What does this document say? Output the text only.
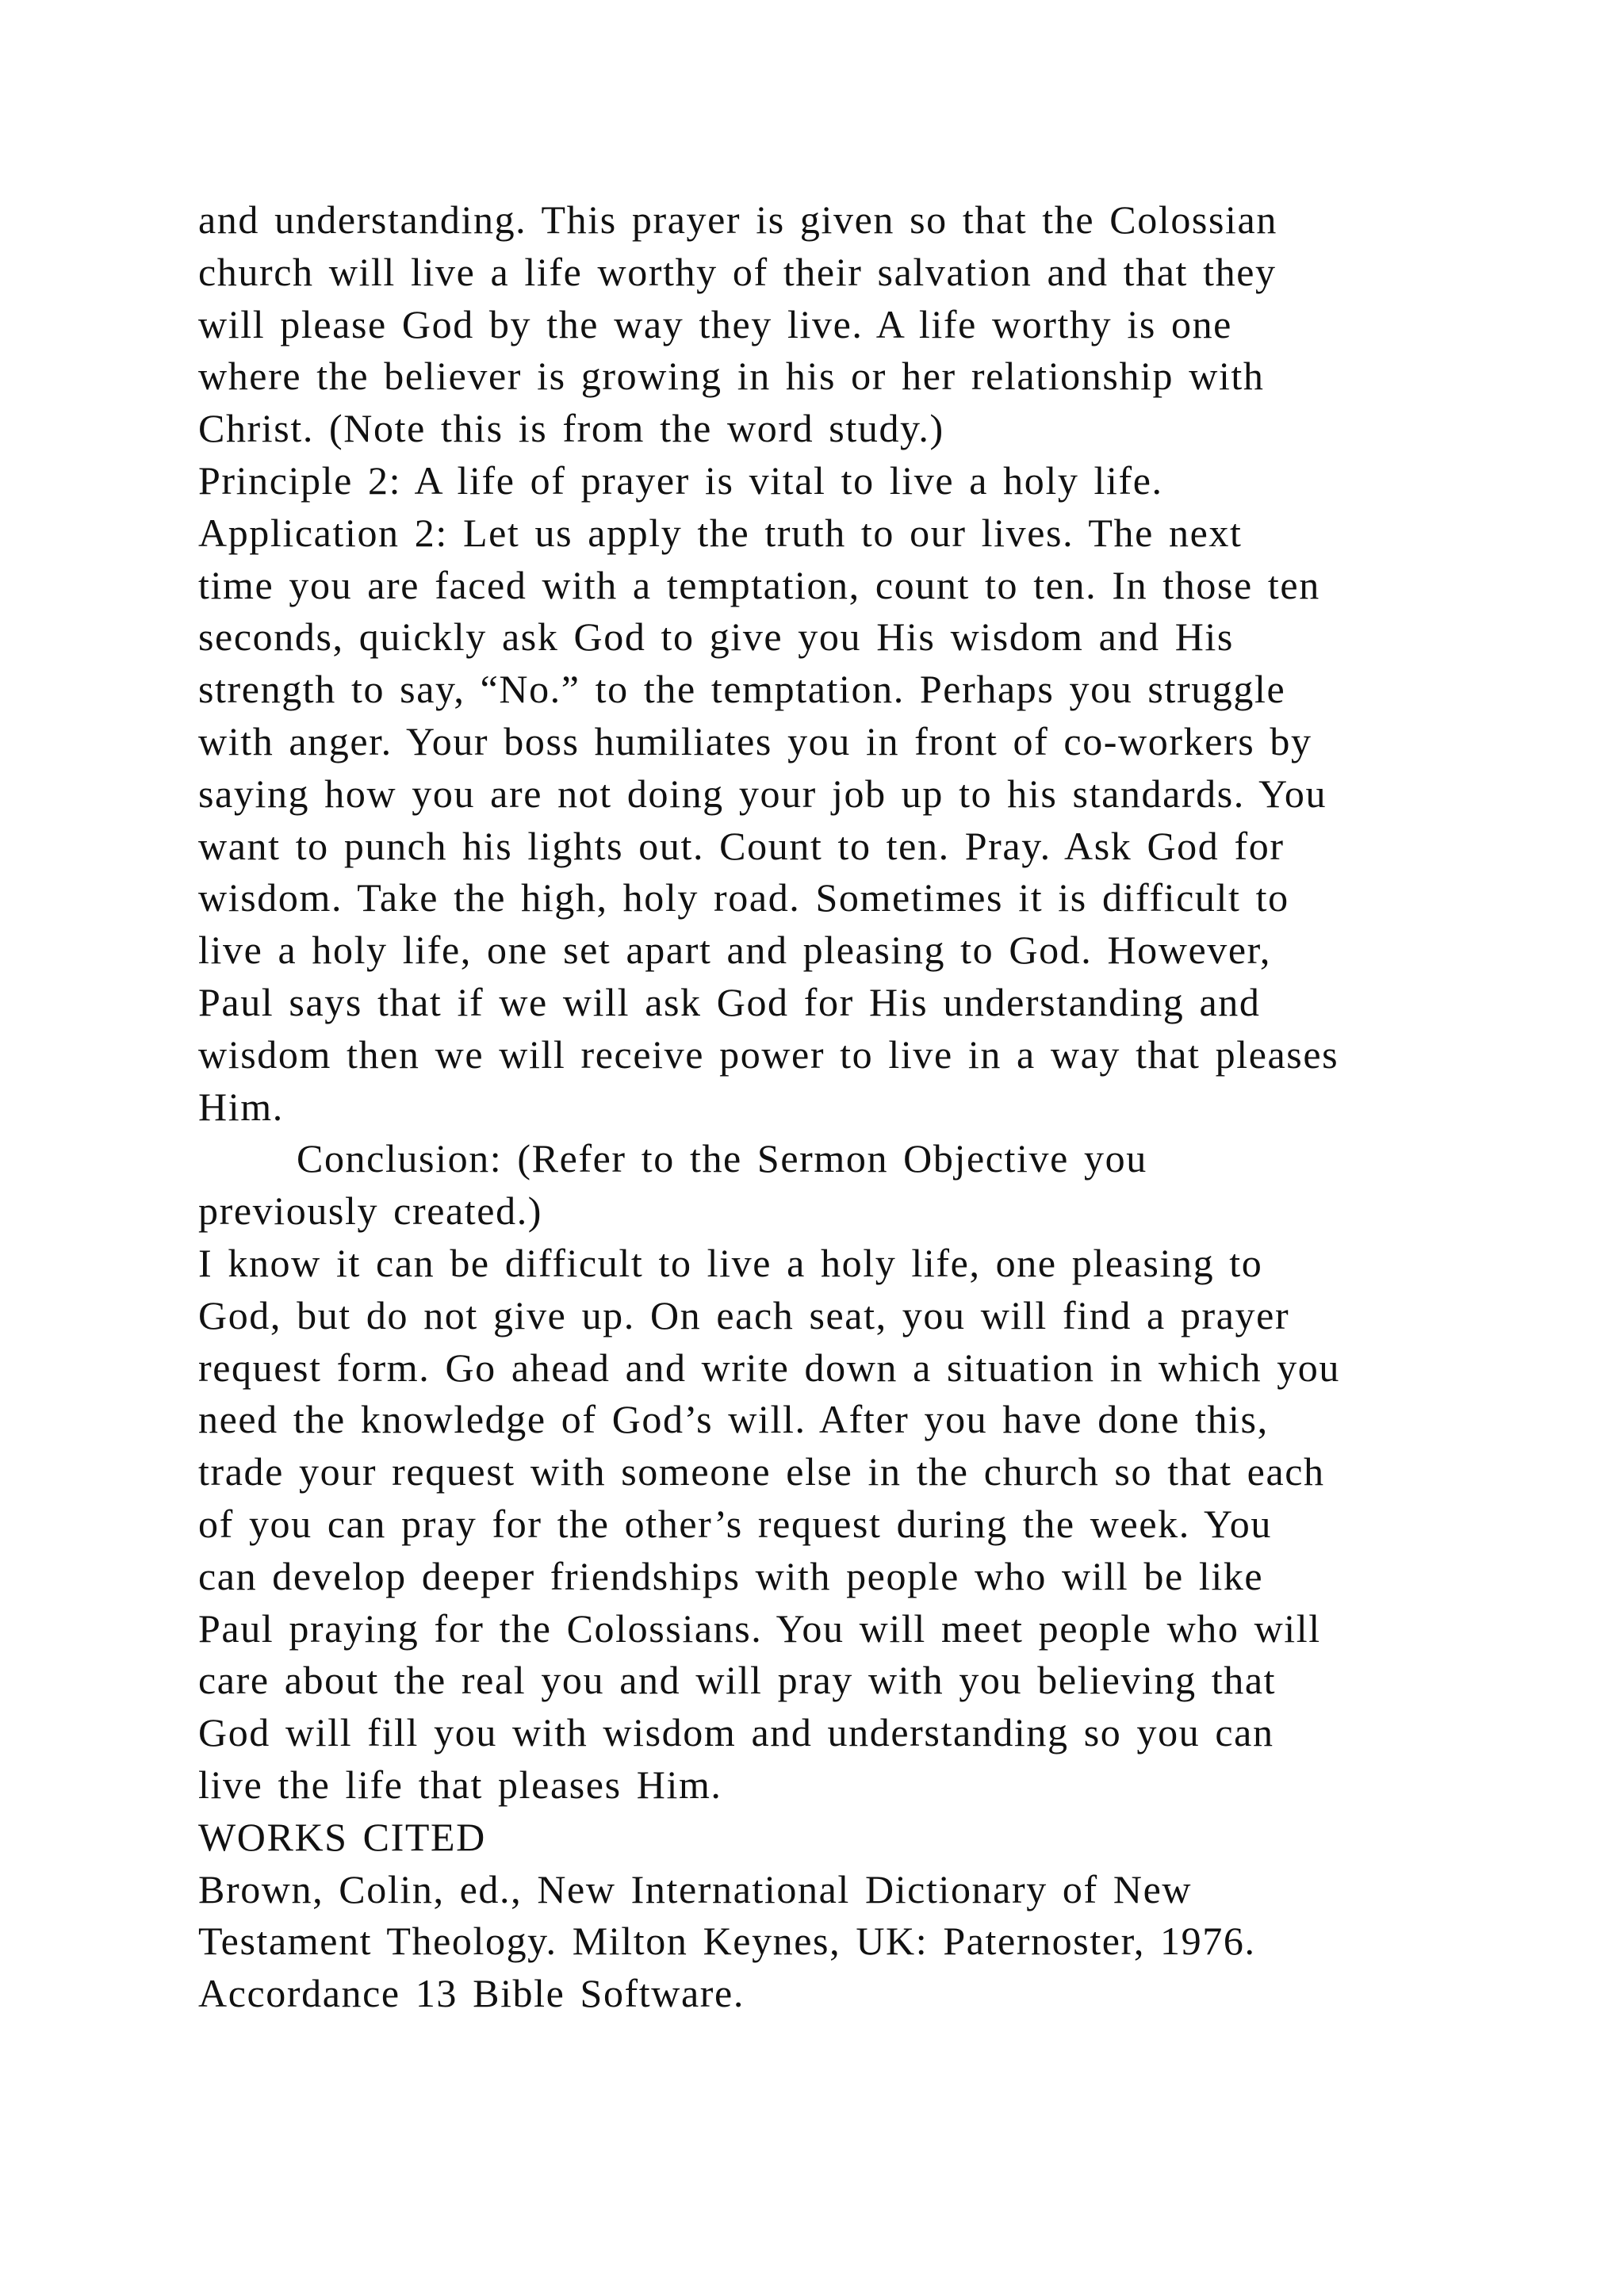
and understanding. This prayer is given so that the Colossian
church will live a life worthy of their salvation and that they
will please God by the way they live. A life worthy is one
where the believer is growing in his or her relationship with
Christ. (Note this is from the word study.)
Principle 2: A life of prayer is vital to live a holy life.
Application 2: Let us apply the truth to our lives. The next
time you are faced with a temptation, count to ten. In those ten
seconds, quickly ask God to give you His wisdom and His
strength to say, “No.” to the temptation. Perhaps you struggle
with anger. Your boss humiliates you in front of co-workers by
saying how you are not doing your job up to his standards. You
want to punch his lights out. Count to ten. Pray. Ask God for
wisdom. Take the high, holy road. Sometimes it is difficult to
live a holy life, one set apart and pleasing to God. However,
Paul says that if we will ask God for His understanding and
wisdom then we will receive power to live in a way that pleases
Him.
Conclusion: (Refer to the Sermon Objective you
previously created.)
I know it can be difficult to live a holy life, one pleasing to
God, but do not give up. On each seat, you will find a prayer
request form. Go ahead and write down a situation in which you
need the knowledge of God’s will. After you have done this,
trade your request with someone else in the church so that each
of you can pray for the other’s request during the week. You
can develop deeper friendships with people who will be like
Paul praying for the Colossians. You will meet people who will
care about the real you and will pray with you believing that
God will fill you with wisdom and understanding so you can
live the life that pleases Him.
WORKS CITED
Brown, Colin, ed., New International Dictionary of New
Testament Theology. Milton Keynes, UK: Paternoster, 1976.
Accordance 13 Bible Software.
